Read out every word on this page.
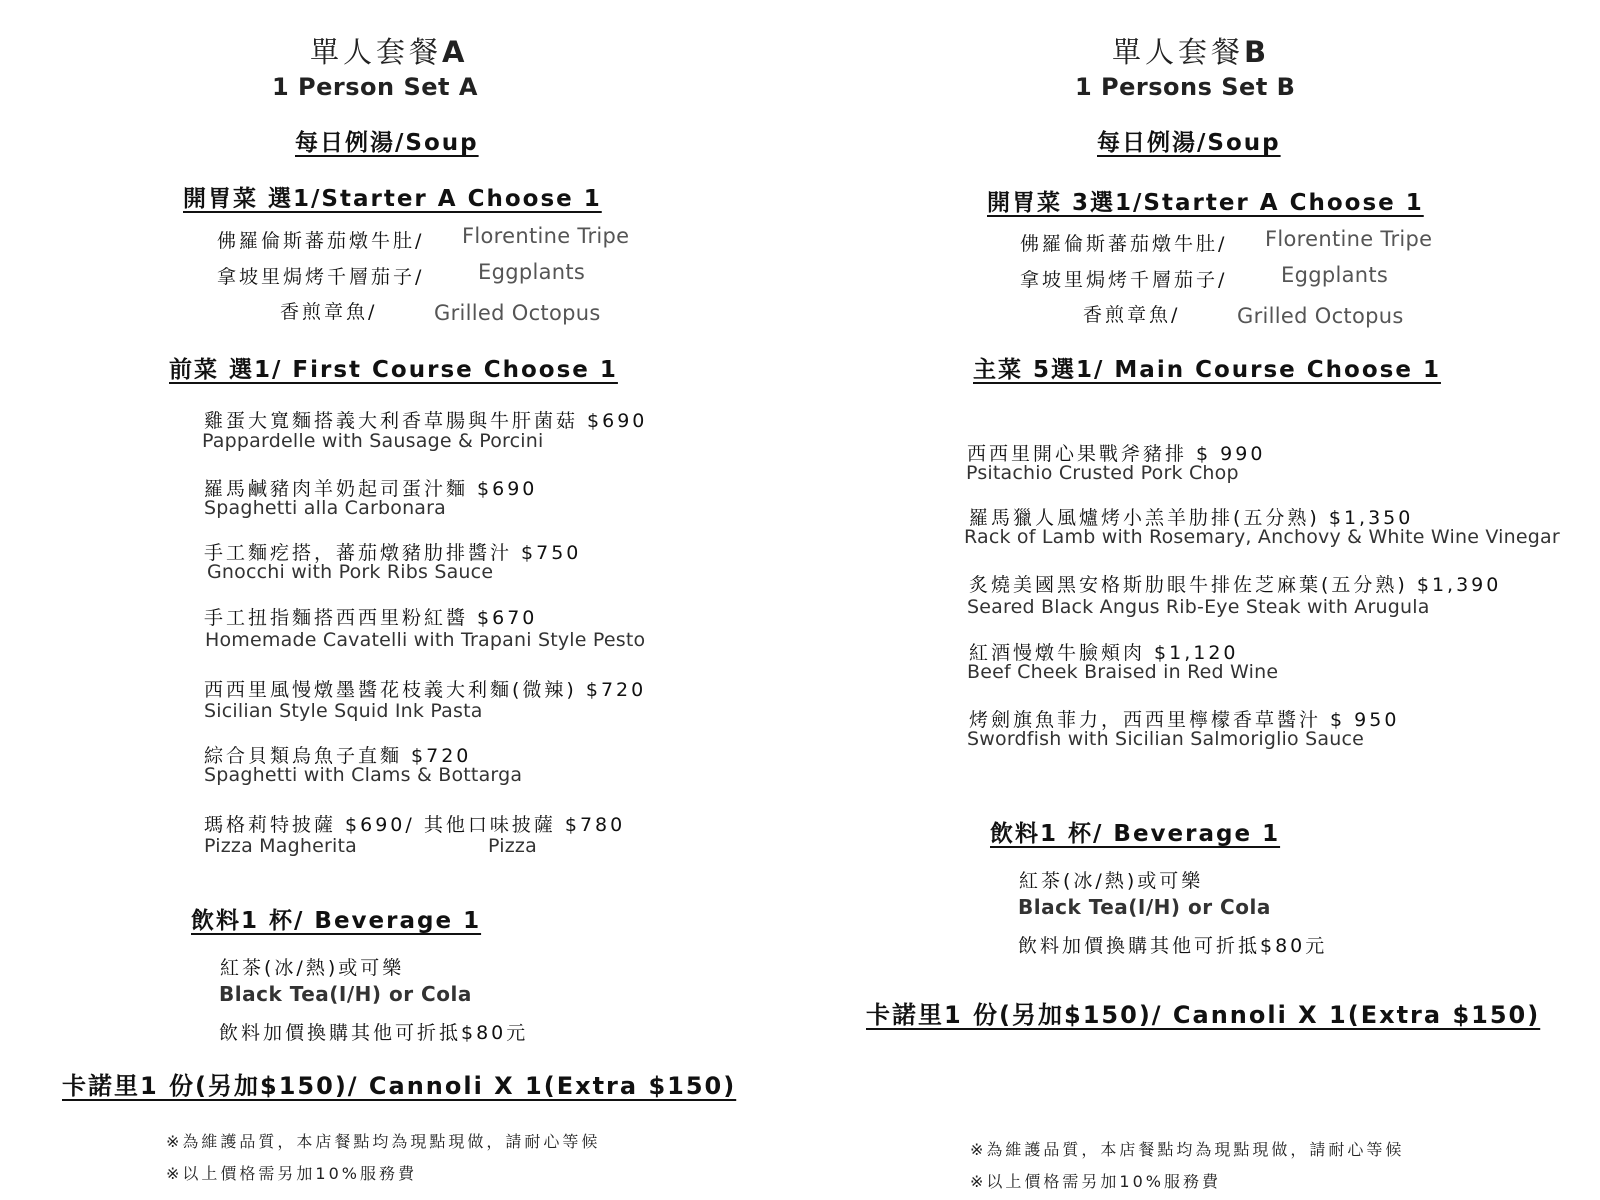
單人套餐A
1 Person Set A
每日例湯/Soup
開胃菜 選1/Starter A Choose 1
佛羅倫斯蕃茄燉牛肚/ Florentine Tripe
拿坡里焗烤千層茄子/	Eggplants
香煎章魚/	Grilled Octopus
前菜 選1/ First Course Choose 1
雞蛋大寬麵搭義大利香草腸與牛肝菌菇 $690
Pappardelle with Sausage & Porcini
羅馬鹹豬肉羊奶起司蛋汁麵 $690
Spaghetti alla Carbonara
手工麵疙搭，蕃茄燉豬肋排醬汁 $750
Gnocchi with Pork Ribs Sauce
手工扭指麵搭西西里粉紅醬 $670
Homemade Cavatelli with Trapani Style Pesto
西西里風慢燉墨醬花枝義大利麵(微辣) $720
Sicilian Style Squid Ink Pasta
綜合貝類烏魚子直麵 $720
Spaghetti with Clams & Bottarga
瑪格莉特披薩 $690/ 其他口味披薩 $780
Pizza Magherita	Pizza
飲料1 杯/ Beverage 1
紅茶(冰/熱)或可樂
Black Tea(I/H) or Cola
飲料加價換購其他可折抵$80元
卡諾里1 份(另加$150)/ Cannoli X 1(Extra $150)
※為維護品質，本店餐點均為現點現做，請耐心等候
※以上價格需另加10%服務費
單人套餐B
1 Persons Set B
每日例湯/Soup
開胃菜 3選1/Starter A Choose 1
佛羅倫斯蕃茄燉牛肚/ Florentine Tripe
拿坡里焗烤千層茄子/	Eggplants
香煎章魚/	Grilled Octopus
主菜 5選1/ Main Course Choose 1
西西里開心果戰斧豬排 $ 990
Psitachio Crusted Pork Chop
羅馬獵人風爐烤小羔羊肋排(五分熟) $1,350
Rack of Lamb with Rosemary, Anchovy & White Wine Vinegar
炙燒美國黑安格斯肋眼牛排佐芝麻葉(五分熟) $1,390
Seared Black Angus Rib-Eye Steak with Arugula
紅酒慢燉牛臉頰肉 $1,120
Beef Cheek Braised in Red Wine
烤劍旗魚菲力，西西里檸檬香草醬汁 $ 950
Swordfish with Sicilian Salmoriglio Sauce
飲料1 杯/ Beverage 1
紅茶(冰/熱)或可樂
Black Tea(I/H) or Cola
飲料加價換購其他可折抵$80元
卡諾里1 份(另加$150)/ Cannoli X 1(Extra $150)
※為維護品質，本店餐點均為現點現做，請耐心等候
※以上價格需另加10%服務費
